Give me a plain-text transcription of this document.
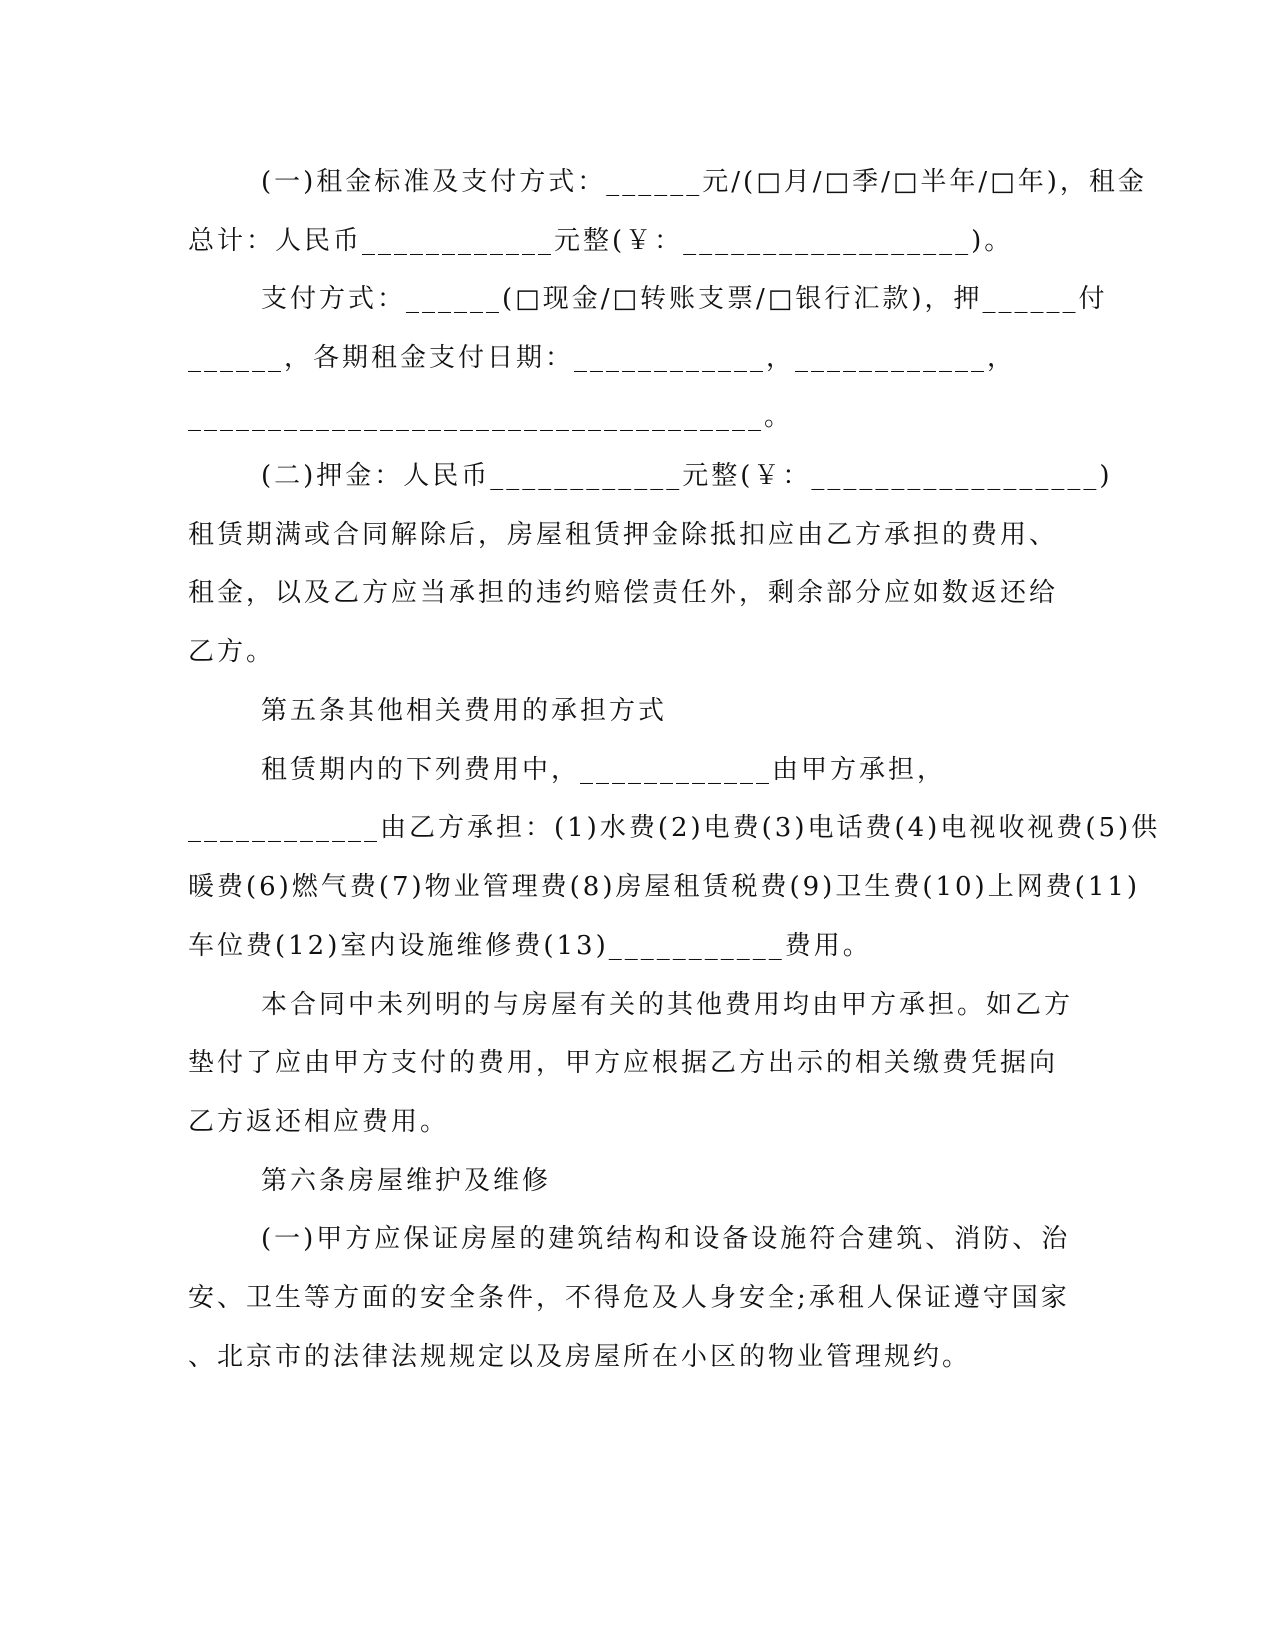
(一)租金标准及支付方式：______元/(□月/□季/□半年/□年)，租金
总计：人民币____________元整(￥：__________________)。
支付方式：______(□现金/□转账支票/□银行汇款)，押______付
______，各期租金支付日期：____________，____________，
____________________________________。
(二)押金：人民币____________元整(￥：__________________)
租赁期满或合同解除后，房屋租赁押金除抵扣应由乙方承担的费用、
租金，以及乙方应当承担的违约赔偿责任外，剩余部分应如数返还给
乙方。
第五条其他相关费用的承担方式
租赁期内的下列费用中，____________由甲方承担，
____________由乙方承担：(1)水费(2)电费(3)电话费(4)电视收视费(5)供
暖费(6)燃气费(7)物业管理费(8)房屋租赁税费(9)卫生费(10)上网费(11)
车位费(12)室内设施维修费(13)___________费用。
本合同中未列明的与房屋有关的其他费用均由甲方承担。如乙方
垫付了应由甲方支付的费用，甲方应根据乙方出示的相关缴费凭据向
乙方返还相应费用。
第六条房屋维护及维修
(一)甲方应保证房屋的建筑结构和设备设施符合建筑、消防、治
安、卫生等方面的安全条件，不得危及人身安全;承租人保证遵守国家
、北京市的法律法规规定以及房屋所在小区的物业管理规约。
